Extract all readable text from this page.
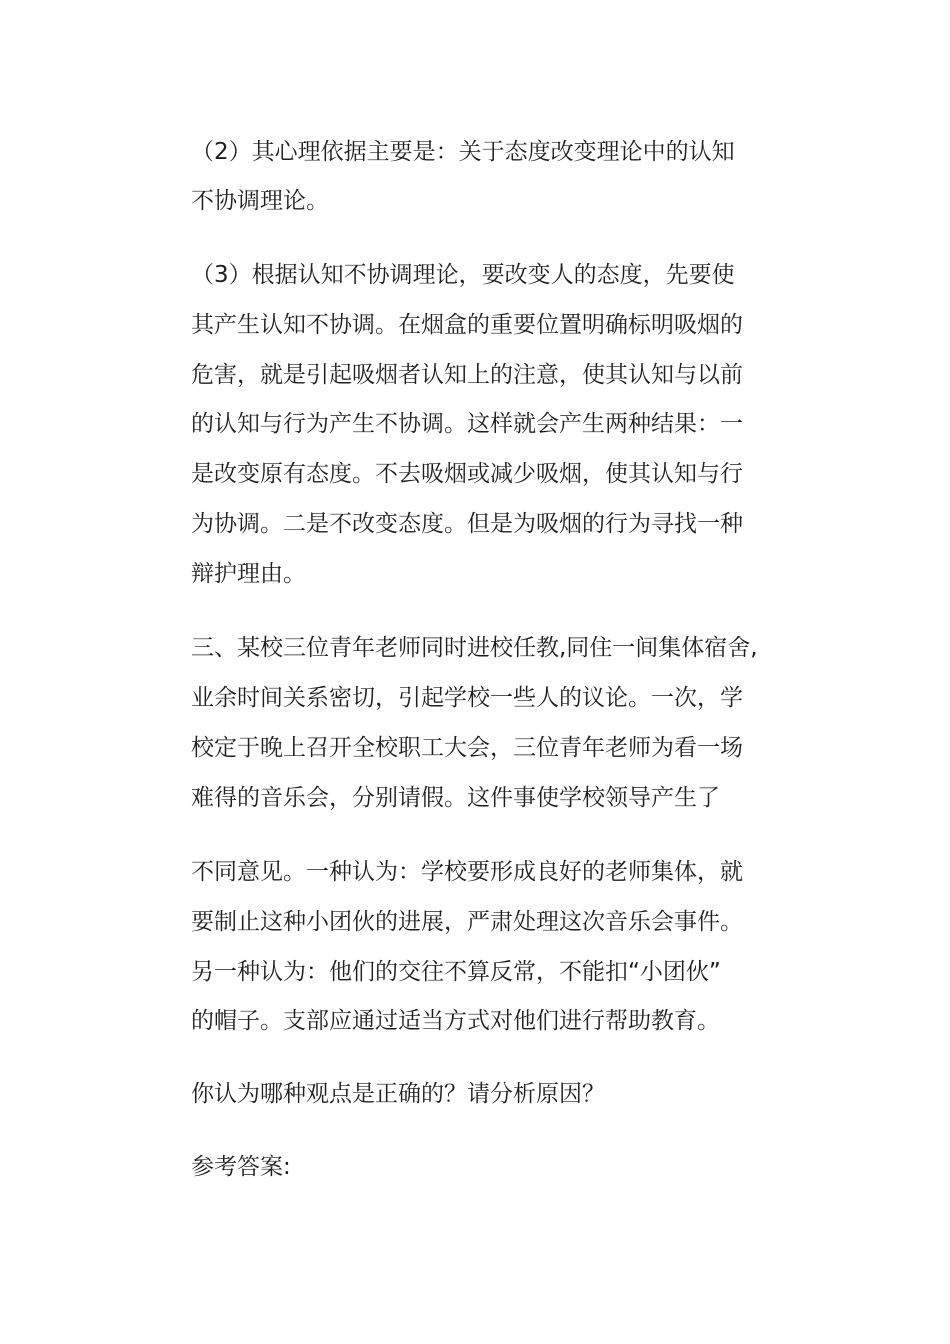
（2）其心理依据主要是：关于态度改变理论中的认知
不协调理论。
（3）根据认知不协调理论，要改变人的态度，先要使
其产生认知不协调。在烟盒的重要位置明确标明吸烟的
危害，就是引起吸烟者认知上的注意，使其认知与以前
的认知与行为产生不协调。这样就会产生两种结果：一
是改变原有态度。不去吸烟或减少吸烟，使其认知与行
为协调。二是不改变态度。但是为吸烟的行为寻找一种
辩护理由。
三、某校三位青年老师同时进校任教,同住一间集体宿舍,
业余时间关系密切，引起学校一些人的议论。一次，学
校定于晚上召开全校职工大会，三位青年老师为看一场
难得的音乐会，分别请假。这件事使学校领导产生了
不同意见。一种认为：学校要形成良好的老师集体，就
要制止这种小团伙的进展，严肃处理这次音乐会事件。
另一种认为：他们的交往不算反常，不能扣“小团伙”
的帽子。支部应通过适当方式对他们进行帮助教育。
你认为哪种观点是正确的？请分析原因？
参考答案:
